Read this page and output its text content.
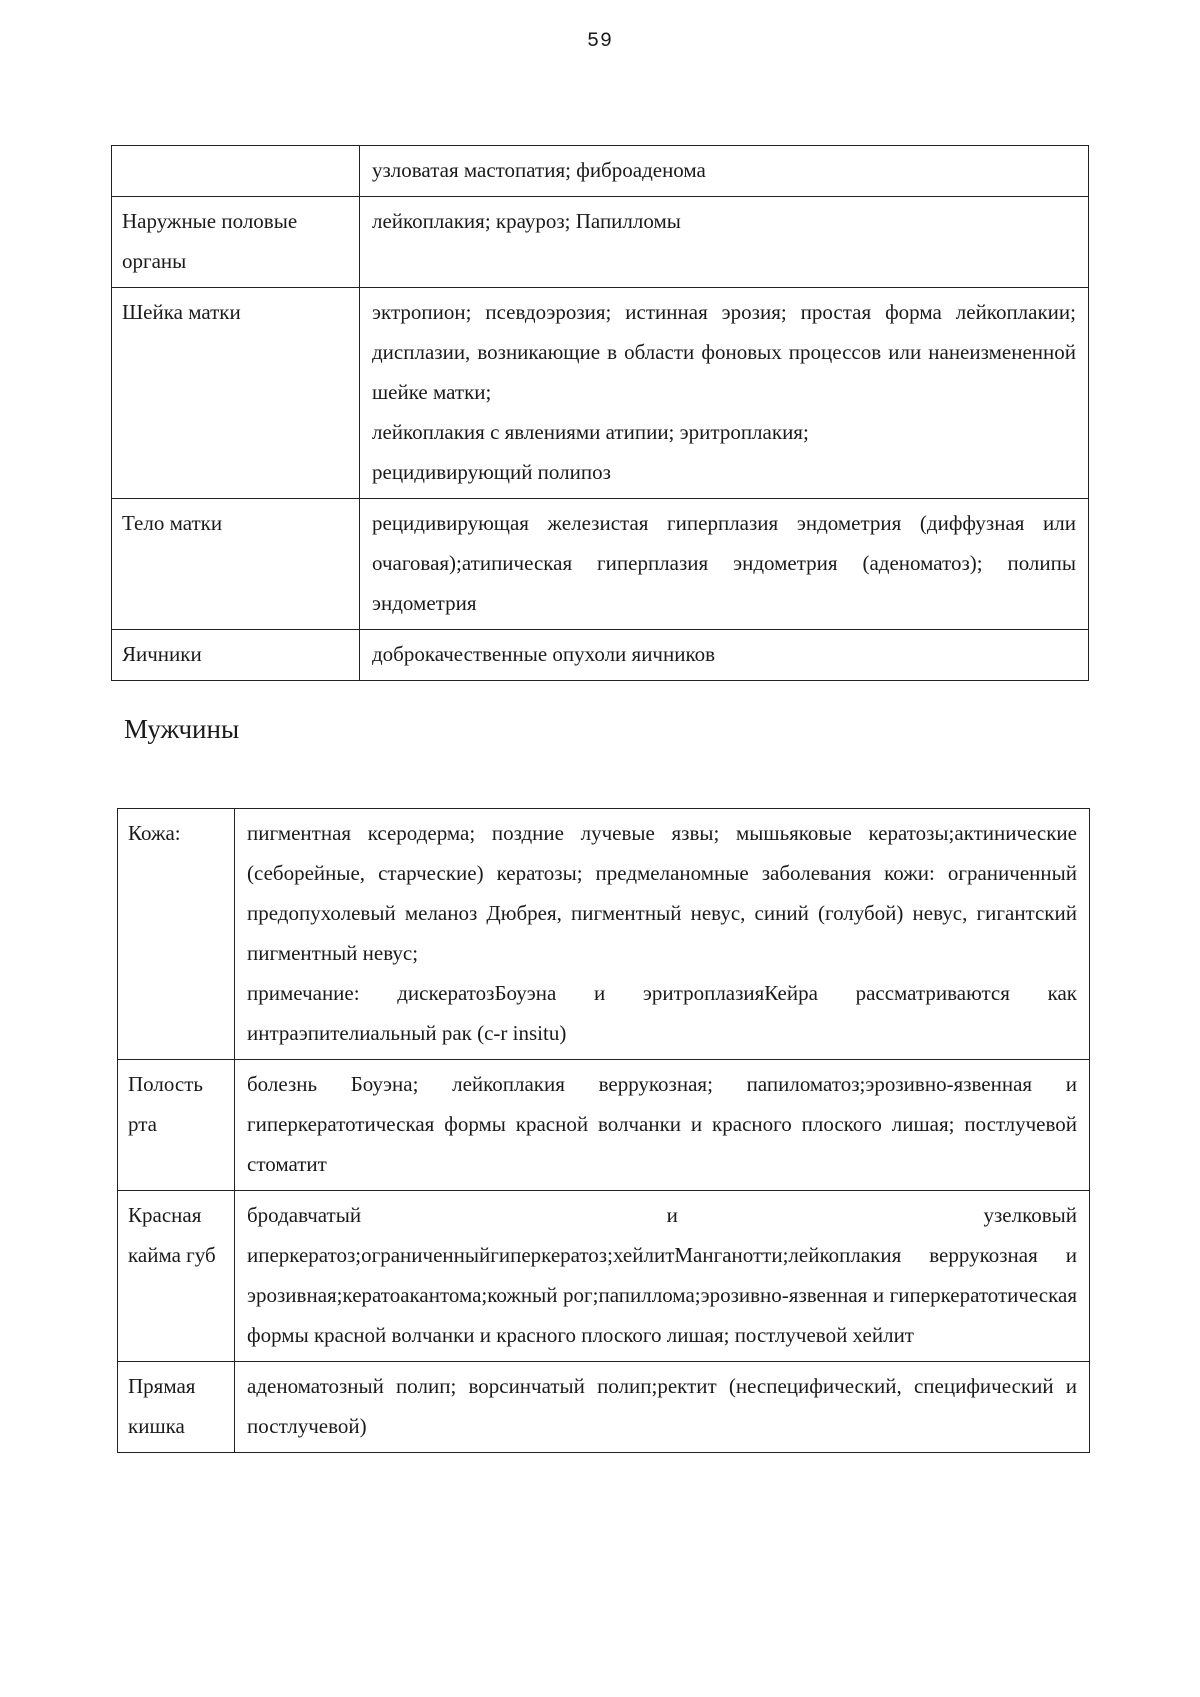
59

	узловатая мастопатия; фиброаденома

Наружные половые органы	лейкоплакия; крауроз; Папилломы

Шейка матки	эктропион; псевдоэрозия; истинная эрозия; простая форма лейкоплакии; дисплазии, возникающие в области фоновых процессов или нанеизмененной шейке матки;
лейкоплакия с явлениями атипии; эритроплакия;
рецидивирующий полипоз

Тело матки	рецидивирующая железистая гиперплазия эндометрия (диффузная или очаговая);атипическая гиперплазия эндометрия (аденоматоз); полипы эндометрия

Яичники	доброкачественные опухоли яичников
Мужчины
Кожа:	пигментная ксеродерма; поздние лучевые язвы; мышьяковые кератозы;актинические (себорейные, старческие) кератозы; предмеланомные заболевания кожи: ограниченный предопухолевый меланоз Дюбрея, пигментный невус, синий (голубой) невус, гигантский пигментный невус;
примечание: дискератозБоуэна и эритроплазияКейра рассматриваются как интраэпителиальный рак (c-r insitu)

Полость рта	болезнь Боуэна; лейкоплакия веррукозная; папиломатоз;эрозивно-язвенная и гиперкератотическая формы красной волчанки и красного плоского лишая; постлучевой стоматит

Красная кайма губ	бродавчатый и узелковый иперкератоз;ограниченныйгиперкератоз;хейлитМанганотти;лейкоплакия веррукозная и эрозивная;кератоакантома;кожный рог;папиллома;эрозивно-язвенная и гиперкератотическая формы красной волчанки и красного плоского лишая; постлучевой хейлит

Прямая кишка	аденоматозный полип; ворсинчатый полип;ректит (неспецифический, специфический и постлучевой)
